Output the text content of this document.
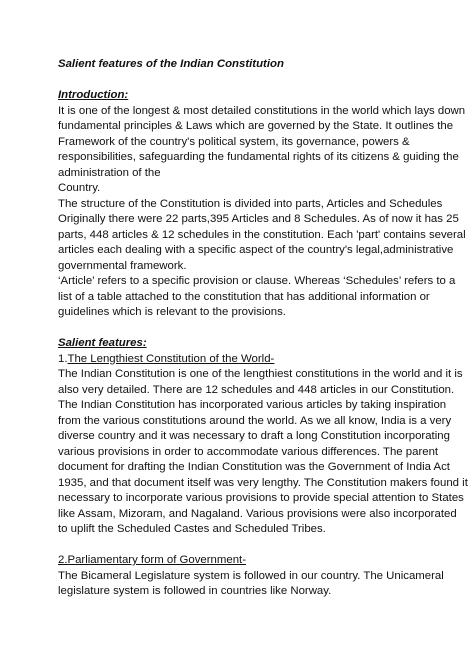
Salient features of the Indian Constitution

Introduction:

It is one of the longest & most detailed constitutions in the world which lays down fundamental principles & Laws which are governed by the State. It outlines the Framework of the country's political system, its governance, powers & responsibilities, safeguarding the fundamental rights of its citizens & guiding the administration of the

Country.

The structure of the Constitution is divided into parts, Articles and Schedules Originally there were 22 parts,395 Articles and 8 Schedules. As of now it has 25 parts, 448 articles & 12 schedules in the constitution. Each 'part' contains several articles each dealing with a specific aspect of the country's legal,administrative governmental framework.

‘Article’ refers to a specific provision or clause. Whereas ‘Schedules’ refers to a list of a table attached to the constitution that has additional information or guidelines which is relevant to the provisions.

Salient features:

1.The Lengthiest Constitution of the World-

The Indian Constitution is one of the lengthiest constitutions in the world and it is also very detailed. There are 12 schedules and 448 articles in our Constitution. The Indian Constitution has incorporated various articles by taking inspiration from the various constitutions around the world. As we all know, India is a very diverse country and it was necessary to draft a long Constitution incorporating various provisions in order to accommodate various differences. The parent document for drafting the Indian Constitution was the Government of India Act 1935, and that document itself was very lengthy. The Constitution makers found it necessary to incorporate various provisions to provide special attention to States like Assam, Mizoram, and Nagaland. Various provisions were also incorporated to uplift the Scheduled Castes and Scheduled Tribes.

2.Parliamentary form of Government-

The Bicameral Legislature system is followed in our country. The Unicameral legislature system is followed in countries like Norway.
